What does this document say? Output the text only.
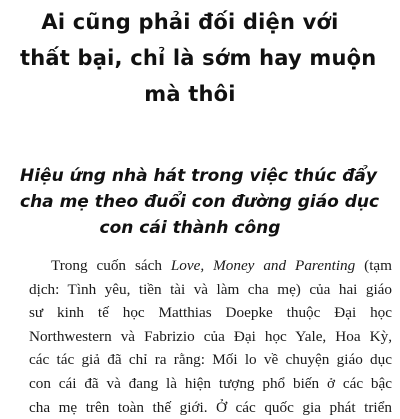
Ai cũng phải đối diện với
thất bại, chỉ là sớm hay muộn
mà thôi
Hiệu ứng nhà hát trong việc thúc đẩy
cha mẹ theo đuổi con đường giáo dục
con cái thành công
Trong cuốn sách Love, Money and Parenting (tạm
dịch: Tình yêu, tiền tài và làm cha mẹ) của hai giáo
sư kinh tế học Matthias Doepke thuộc Đại học
Northwestern và Fabrizio của Đại học Yale, Hoa Kỳ,
các tác giả đã chỉ ra rằng: Mối lo về chuyện giáo dục
con cái đã và đang là hiện tượng phổ biến ở các bậc
cha mẹ trên toàn thế giới. Ở các quốc gia phát triển
